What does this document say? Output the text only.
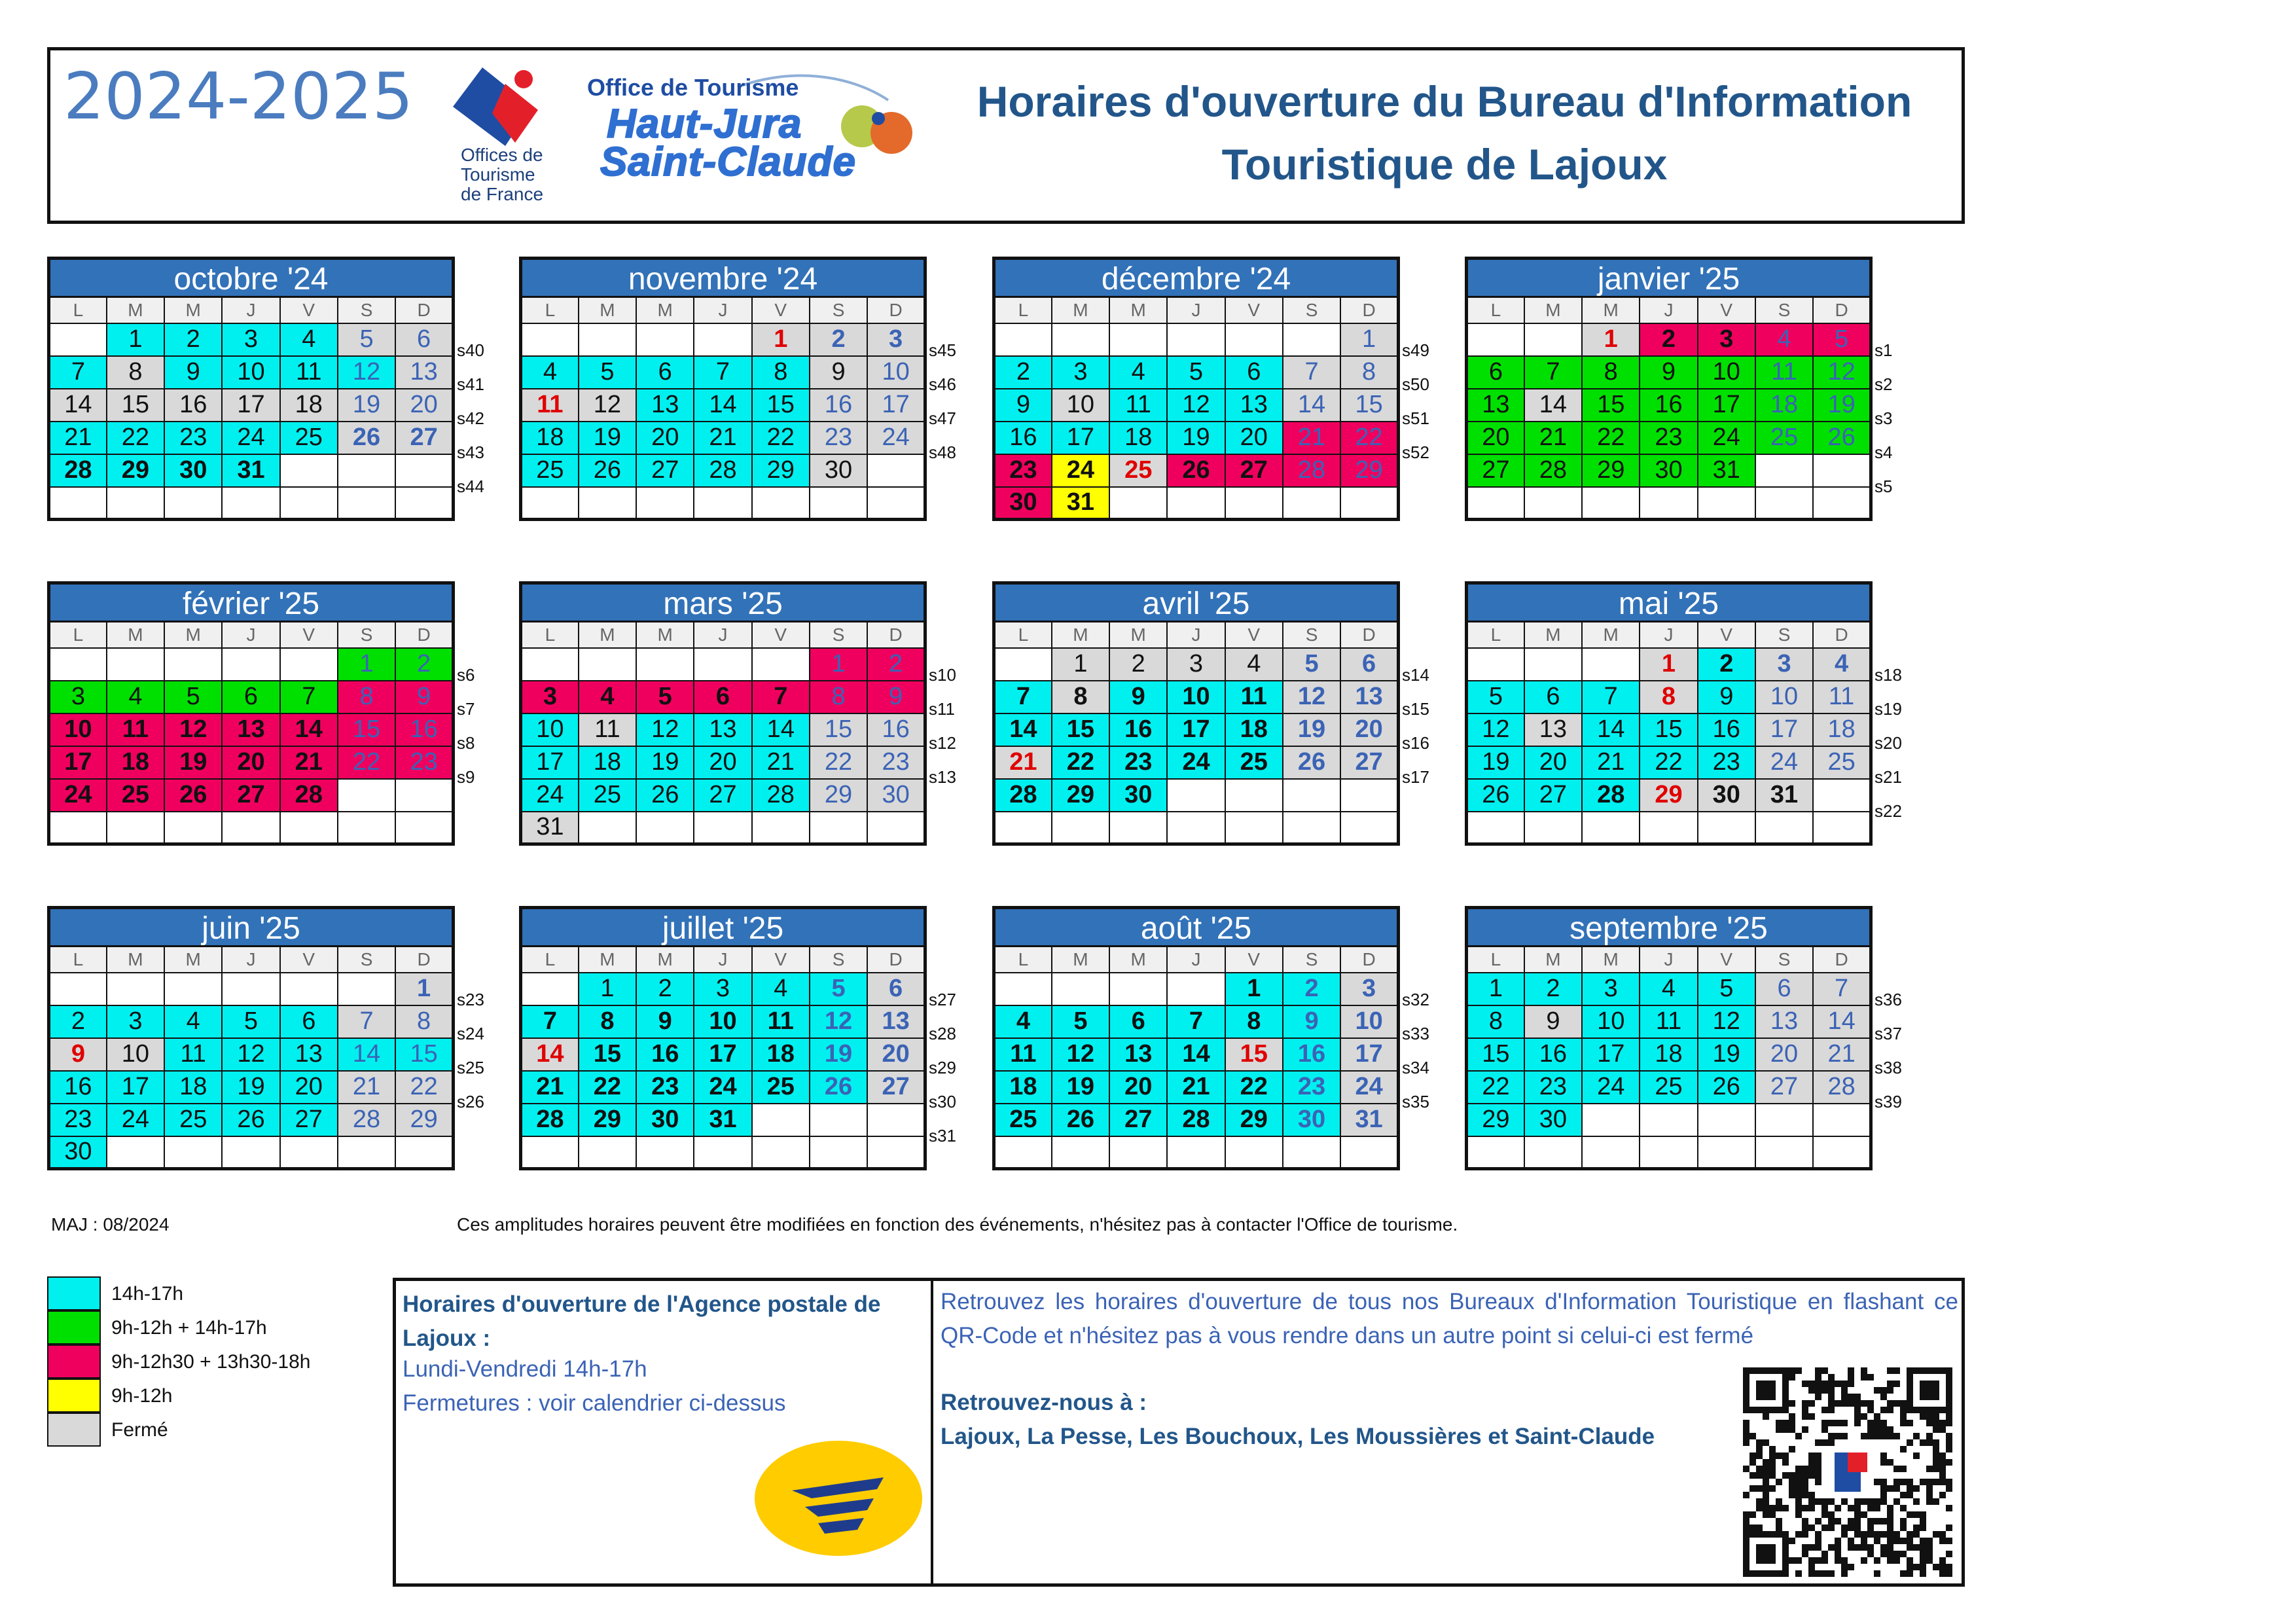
2024-2025
Offices de
Tourisme
de France
Office de Tourisme
Haut-Jura
Saint-Claude
Horaires d'ouverture du Bureau d'Information
Touristique de Lajoux
octobre '24
L	M	M	J	V	S	D
	1	2	3	4	5	6
7	8	9	10	11	12	13
14	15	16	17	18	19	20
21	22	23	24	25	26	27
28	29	30	31			

s40
s41
s42
s43
s44
novembre '24
L	M	M	J	V	S	D
				1	2	3
4	5	6	7	8	9	10
11	12	13	14	15	16	17
18	19	20	21	22	23	24
25	26	27	28	29	30	

s45
s46
s47
s48
décembre '24
L	M	M	J	V	S	D
						1
2	3	4	5	6	7	8
9	10	11	12	13	14	15
16	17	18	19	20	21	22
23	24	25	26	27	28	29
30	31					
s49
s50
s51
s52
janvier '25
L	M	M	J	V	S	D
		1	2	3	4	5
6	7	8	9	10	11	12
13	14	15	16	17	18	19
20	21	22	23	24	25	26
27	28	29	30	31		

s1
s2
s3
s4
s5
février '25
L	M	M	J	V	S	D
					1	2
3	4	5	6	7	8	9
10	11	12	13	14	15	16
17	18	19	20	21	22	23
24	25	26	27	28		

s6
s7
s8
s9
mars '25
L	M	M	J	V	S	D
					1	2
3	4	5	6	7	8	9
10	11	12	13	14	15	16
17	18	19	20	21	22	23
24	25	26	27	28	29	30
31						
s10
s11
s12
s13
avril '25
L	M	M	J	V	S	D
	1	2	3	4	5	6
7	8	9	10	11	12	13
14	15	16	17	18	19	20
21	22	23	24	25	26	27
28	29	30				

s14
s15
s16
s17
mai '25
L	M	M	J	V	S	D
			1	2	3	4
5	6	7	8	9	10	11
12	13	14	15	16	17	18
19	20	21	22	23	24	25
26	27	28	29	30	31	

s18
s19
s20
s21
s22
juin '25
L	M	M	J	V	S	D
						1
2	3	4	5	6	7	8
9	10	11	12	13	14	15
16	17	18	19	20	21	22
23	24	25	26	27	28	29
30						
s23
s24
s25
s26
juillet '25
L	M	M	J	V	S	D
	1	2	3	4	5	6
7	8	9	10	11	12	13
14	15	16	17	18	19	20
21	22	23	24	25	26	27
28	29	30	31			

s27
s28
s29
s30
s31
août '25
L	M	M	J	V	S	D
				1	2	3
4	5	6	7	8	9	10
11	12	13	14	15	16	17
18	19	20	21	22	23	24
25	26	27	28	29	30	31

s32
s33
s34
s35
septembre '25
L	M	M	J	V	S	D
1	2	3	4	5	6	7
8	9	10	11	12	13	14
15	16	17	18	19	20	21
22	23	24	25	26	27	28
29	30					

s36
s37
s38
s39
MAJ : 08/2024	Ces amplitudes horaires peuvent être modifiées en fonction des événements, n'hésitez pas à contacter l'Office de tourisme.
14h-17h
9h-12h + 14h-17h
9h-12h30 + 13h30-18h
9h-12h
Fermé
Horaires d'ouverture de l'Agence postale de Lajoux :
Lundi-Vendredi 14h-17h
Fermetures : voir calendrier ci-dessus
Retrouvez les horaires d'ouverture de tous nos Bureaux d'Information Touristique en flashant ce QR-Code et n'hésitez pas à vous rendre dans un autre point si celui-ci est fermé
Retrouvez-nous à :
Lajoux, La Pesse, Les Bouchoux, Les Moussières et Saint-Claude
